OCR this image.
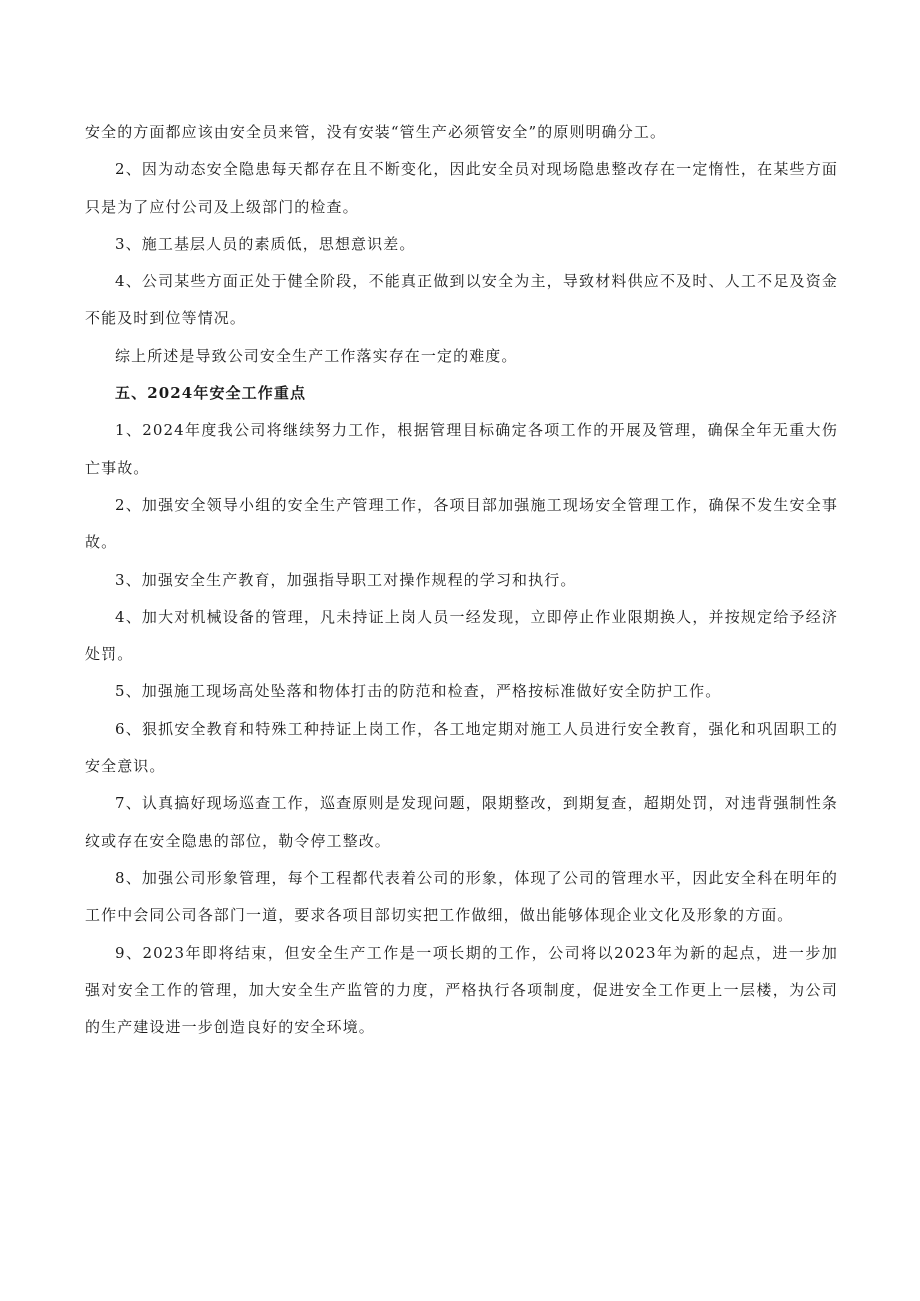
安全的方面都应该由安全员来管，没有安装“管生产必须管安全”的原则明确分工。

2、因为动态安全隐患每天都存在且不断变化，因此安全员对现场隐患整改存在一定惰性，在某些方面只是为了应付公司及上级部门的检查。

3、施工基层人员的素质低，思想意识差。

4、公司某些方面正处于健全阶段，不能真正做到以安全为主，导致材料供应不及时、人工不足及资金不能及时到位等情况。

综上所述是导致公司安全生产工作落实存在一定的难度。

五、2024年安全工作重点

1、2024年度我公司将继续努力工作，根据管理目标确定各项工作的开展及管理，确保全年无重大伤亡事故。

2、加强安全领导小组的安全生产管理工作，各项目部加强施工现场安全管理工作，确保不发生安全事故。

3、加强安全生产教育，加强指导职工对操作规程的学习和执行。

4、加大对机械设备的管理，凡未持证上岗人员一经发现，立即停止作业限期换人，并按规定给予经济处罚。

5、加强施工现场高处坠落和物体打击的防范和检查，严格按标准做好安全防护工作。

6、狠抓安全教育和特殊工种持证上岗工作，各工地定期对施工人员进行安全教育，强化和巩固职工的安全意识。

7、认真搞好现场巡查工作，巡查原则是发现问题，限期整改，到期复查，超期处罚，对违背强制性条纹或存在安全隐患的部位，勒令停工整改。

8、加强公司形象管理，每个工程都代表着公司的形象，体现了公司的管理水平，因此安全科在明年的工作中会同公司各部门一道，要求各项目部切实把工作做细，做出能够体现企业文化及形象的方面。

9、2023年即将结束，但安全生产工作是一项长期的工作，公司将以2023年为新的起点，进一步加强对安全工作的管理，加大安全生产监管的力度，严格执行各项制度，促进安全工作更上一层楼，为公司的生产建设进一步创造良好的安全环境。
